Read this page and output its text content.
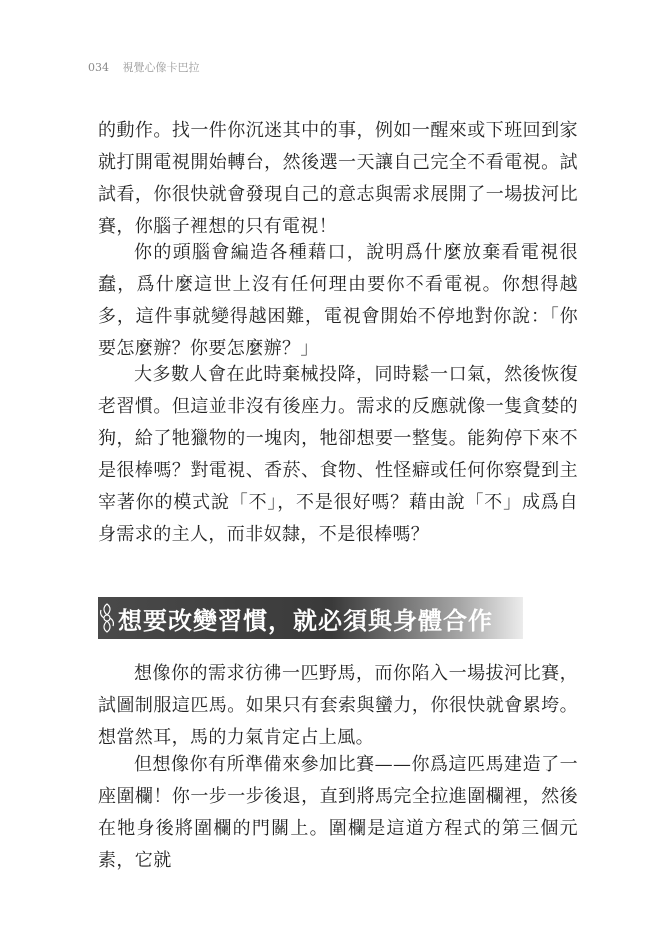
034 視覺心像卡巴拉

的動作。找一件你沉迷其中的事，例如一醒來或下班回到家就打開電視開始轉台，然後選一天讓自己完全不看電視。試試看，你很快就會發現自己的意志與需求展開了一場拔河比賽，你腦子裡想的只有電視！

你的頭腦會編造各種藉口，說明爲什麼放棄看電視很蠢，爲什麼這世上沒有任何理由要你不看電視。你想得越多，這件事就變得越困難，電視會開始不停地對你說：「你要怎麼辦？你要怎麼辦？」

大多數人會在此時棄械投降，同時鬆一口氣，然後恢復老習慣。但這並非沒有後座力。需求的反應就像一隻貪婪的狗，給了牠獵物的一塊肉，牠卻想要一整隻。能夠停下來不是很棒嗎？對電視、香菸、食物、性怪癖或任何你察覺到主宰著你的模式說「不」，不是很好嗎？藉由說「不」成爲自身需求的主人，而非奴隸，不是很棒嗎？

想要改變習慣，就必須與身體合作

想像你的需求彷彿一匹野馬，而你陷入一場拔河比賽，試圖制服這匹馬。如果只有套索與蠻力，你很快就會累垮。想當然耳，馬的力氣肯定占上風。

但想像你有所準備來參加比賽——你爲這匹馬建造了一座圍欄！你一步一步後退，直到將馬完全拉進圍欄裡，然後在牠身後將圍欄的門關上。圍欄是這道方程式的第三個元素，它就
